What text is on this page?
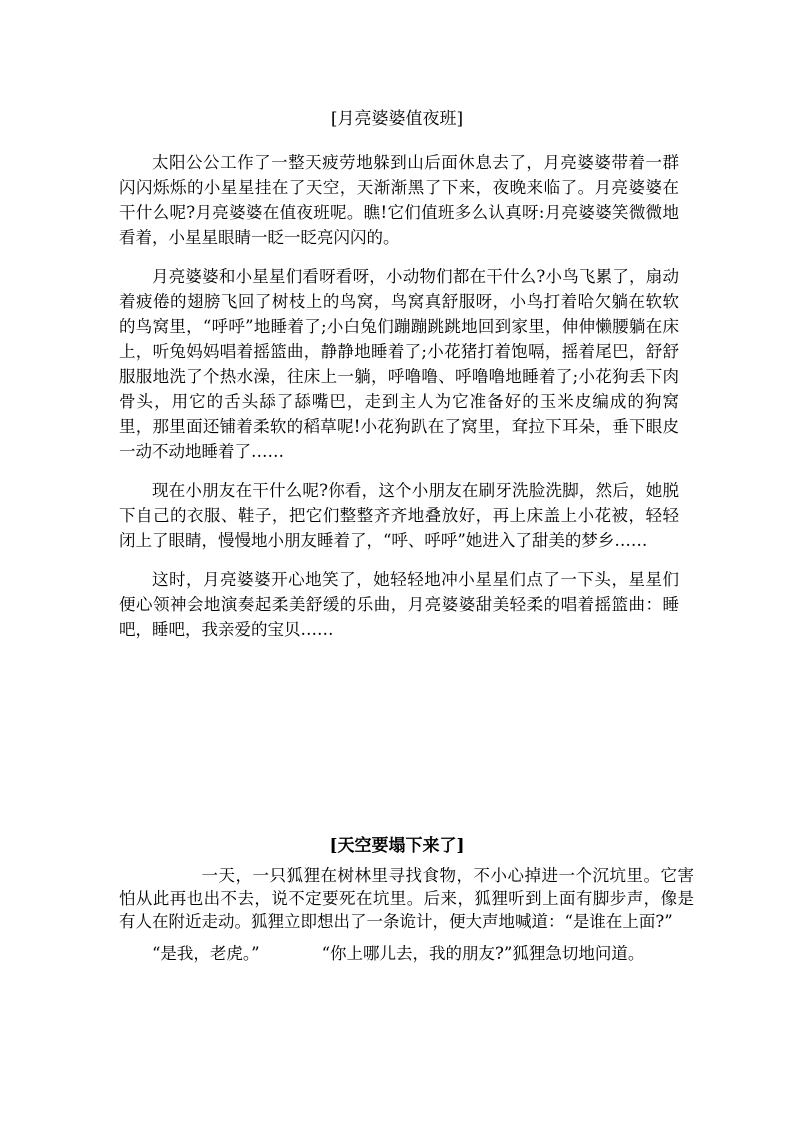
[月亮婆婆值夜班]

太阳公公工作了一整天疲劳地躲到山后面休息去了，月亮婆婆带着一群闪闪烁烁的小星星挂在了天空，天渐渐黑了下来，夜晚来临了。月亮婆婆在干什么呢?月亮婆婆在值夜班呢。瞧!它们值班多么认真呀:月亮婆婆笑微微地看着，小星星眼睛一眨一眨亮闪闪的。

月亮婆婆和小星星们看呀看呀，小动物们都在干什么?小鸟飞累了，扇动着疲倦的翅膀飞回了树枝上的鸟窝，鸟窝真舒服呀，小鸟打着哈欠躺在软软的鸟窝里，“呼呼”地睡着了;小白兔们蹦蹦跳跳地回到家里，伸伸懒腰躺在床上，听兔妈妈唱着摇篮曲，静静地睡着了;小花猪打着饱嗝，摇着尾巴，舒舒服服地洗了个热水澡，往床上一躺，呼噜噜、呼噜噜地睡着了;小花狗丢下肉骨头，用它的舌头舔了舔嘴巴，走到主人为它准备好的玉米皮编成的狗窝里，那里面还铺着柔软的稻草呢!小花狗趴在了窝里，耷拉下耳朵，垂下眼皮一动不动地睡着了……

现在小朋友在干什么呢?你看，这个小朋友在刷牙洗脸洗脚，然后，她脱下自己的衣服、鞋子，把它们整整齐齐地叠放好，再上床盖上小花被，轻轻闭上了眼睛，慢慢地小朋友睡着了，“呼、呼呼”她进入了甜美的梦乡……

这时，月亮婆婆开心地笑了，她轻轻地冲小星星们点了一下头，星星们便心领神会地演奏起柔美舒缓的乐曲，月亮婆婆甜美轻柔的唱着摇篮曲：睡吧，睡吧，我亲爱的宝贝……

[天空要塌下来了]

一天，一只狐狸在树林里寻找食物，不小心掉进一个沉坑里。它害怕从此再也出不去，说不定要死在坑里。后来，狐狸听到上面有脚步声，像是有人在附近走动。狐狸立即想出了一条诡计，便大声地喊道：“是谁在上面?”

“是我，老虎。”	“你上哪儿去，我的朋友?”狐狸急切地问道。
